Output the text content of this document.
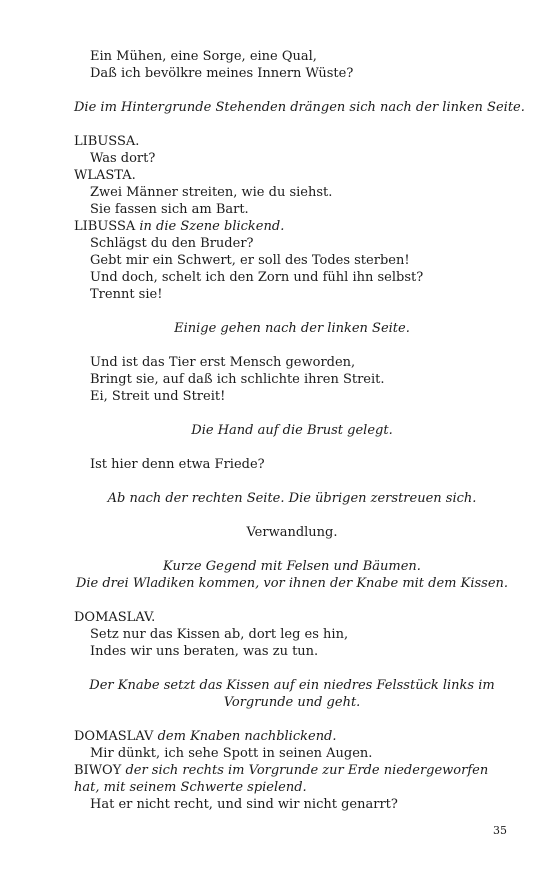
Ein Mühen, eine Sorge, eine Qual,
Daß ich bevölkre meines Innern Wüste?
Die im Hintergrunde Stehenden drängen sich nach der linken Seite.
LIBUSSA.
Was dort?
WLASTA.
Zwei Männer streiten, wie du siehst.
Sie fassen sich am Bart.
LIBUSSA in die Szene blickend.
Schlägst du den Bruder?
Gebt mir ein Schwert, er soll des Todes sterben!
Und doch, schelt ich den Zorn und fühl ihn selbst?
Trennt sie!
Einige gehen nach der linken Seite.
Und ist das Tier erst Mensch geworden,
Bringt sie, auf daß ich schlichte ihren Streit.
Ei, Streit und Streit!
Die Hand auf die Brust gelegt.
Ist hier denn etwa Friede?
Ab nach der rechten Seite. Die übrigen zerstreuen sich.
Verwandlung.
Kurze Gegend mit Felsen und Bäumen.
Die drei Wladiken kommen, vor ihnen der Knabe mit dem Kissen.
DOMASLAV.
Setz nur das Kissen ab, dort leg es hin,
Indes wir uns beraten, was zu tun.
Der Knabe setzt das Kissen auf ein niedres Felsstück links im Vorgrunde und geht.
DOMASLAV dem Knaben nachblickend.
Mir dünkt, ich sehe Spott in seinen Augen.
BIWOY der sich rechts im Vorgrunde zur Erde niedergeworfen hat, mit seinem Schwerte spielend.
Hat er nicht recht, und sind wir nicht genarrt?
35
